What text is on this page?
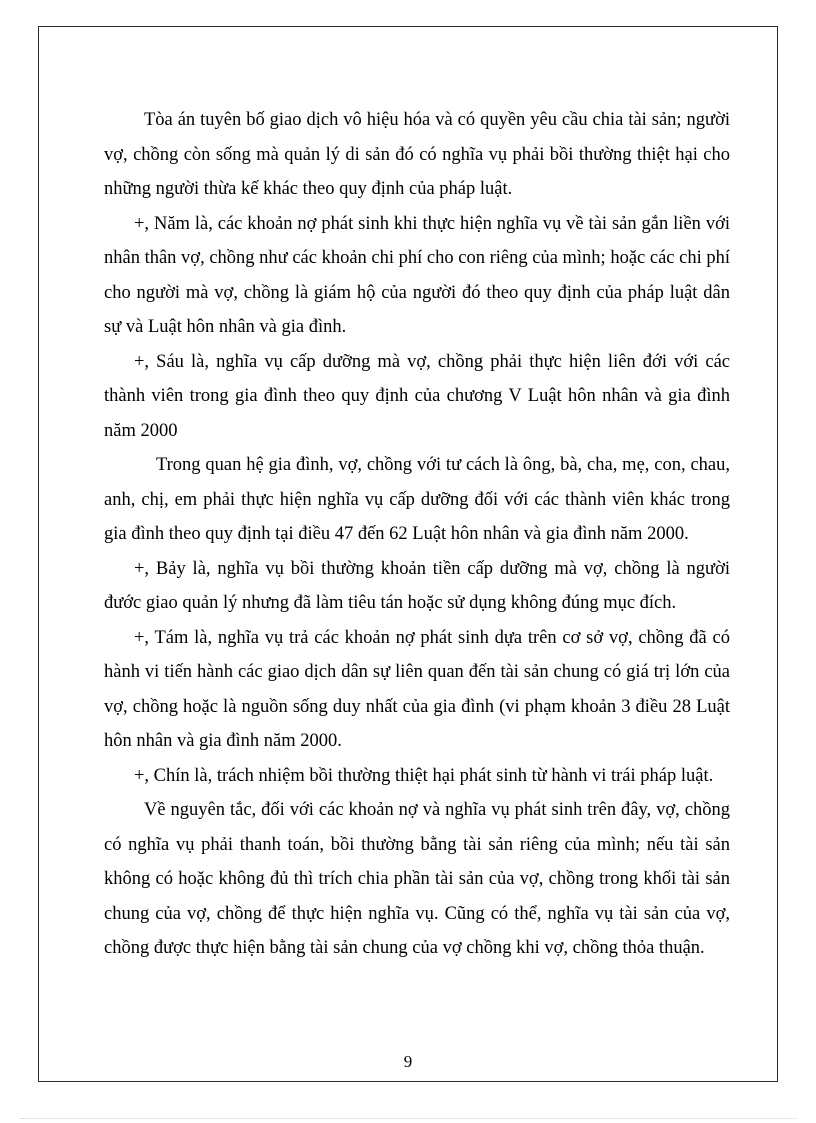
Tòa án tuyên bố giao dịch vô hiệu hóa và có quyền yêu cầu chia tài sản; người vợ, chồng còn sống mà quản lý di sản đó có nghĩa vụ phải bồi thường thiệt hại cho những người thừa kế khác theo quy định của pháp luật.

+, Năm là, các khoản nợ phát sinh khi thực hiện nghĩa vụ về tài sản gắn liền với nhân thân vợ, chồng như các khoản chi phí cho con riêng của mình; hoặc các chi phí cho người mà vợ, chồng là giám hộ của người đó theo quy định của pháp luật dân sự và Luật hôn nhân và gia đình.

+, Sáu là, nghĩa vụ cấp dưỡng mà vợ, chồng phải thực hiện liên đới với các thành viên trong gia đình theo quy định của chương V Luật hôn nhân và gia đình năm 2000

Trong quan hệ gia đình, vợ, chồng với tư cách là ông, bà, cha, mẹ, con, chau, anh, chị, em phải thực hiện nghĩa vụ cấp dưỡng đối với các thành viên khác trong gia đình theo quy định tại điều 47 đến 62 Luật hôn nhân và gia đình năm 2000.

+, Bảy là, nghĩa vụ bồi thường khoản tiền cấp dưỡng mà vợ, chồng là người đước giao quản lý nhưng đã làm tiêu tán hoặc sử dụng không đúng mục đích.

+, Tám là, nghĩa vụ trả các khoản nợ phát sinh dựa trên cơ sở vợ, chồng đã có hành vi tiến hành các giao dịch dân sự liên quan đến tài sản chung có giá trị lớn của vợ, chồng hoặc là nguồn sống duy nhất của gia đình (vi phạm khoản 3 điều 28 Luật hôn nhân và gia đình năm 2000.

+, Chín là, trách nhiệm bồi thường thiệt hại phát sinh từ hành vi trái pháp luật.

Về nguyên tắc, đối với các khoản nợ và nghĩa vụ phát sinh trên đây, vợ, chồng có nghĩa vụ phải thanh toán, bồi thường bằng tài sản riêng của mình; nếu tài sản không có hoặc không đủ thì trích chia phần tài sản của vợ, chồng trong khối tài sản chung của vợ, chồng để thực hiện nghĩa vụ. Cũng có thể, nghĩa vụ tài sản của vợ, chồng được thực hiện bằng tài sản chung của vợ chồng khi vợ, chồng thỏa thuận.

9
